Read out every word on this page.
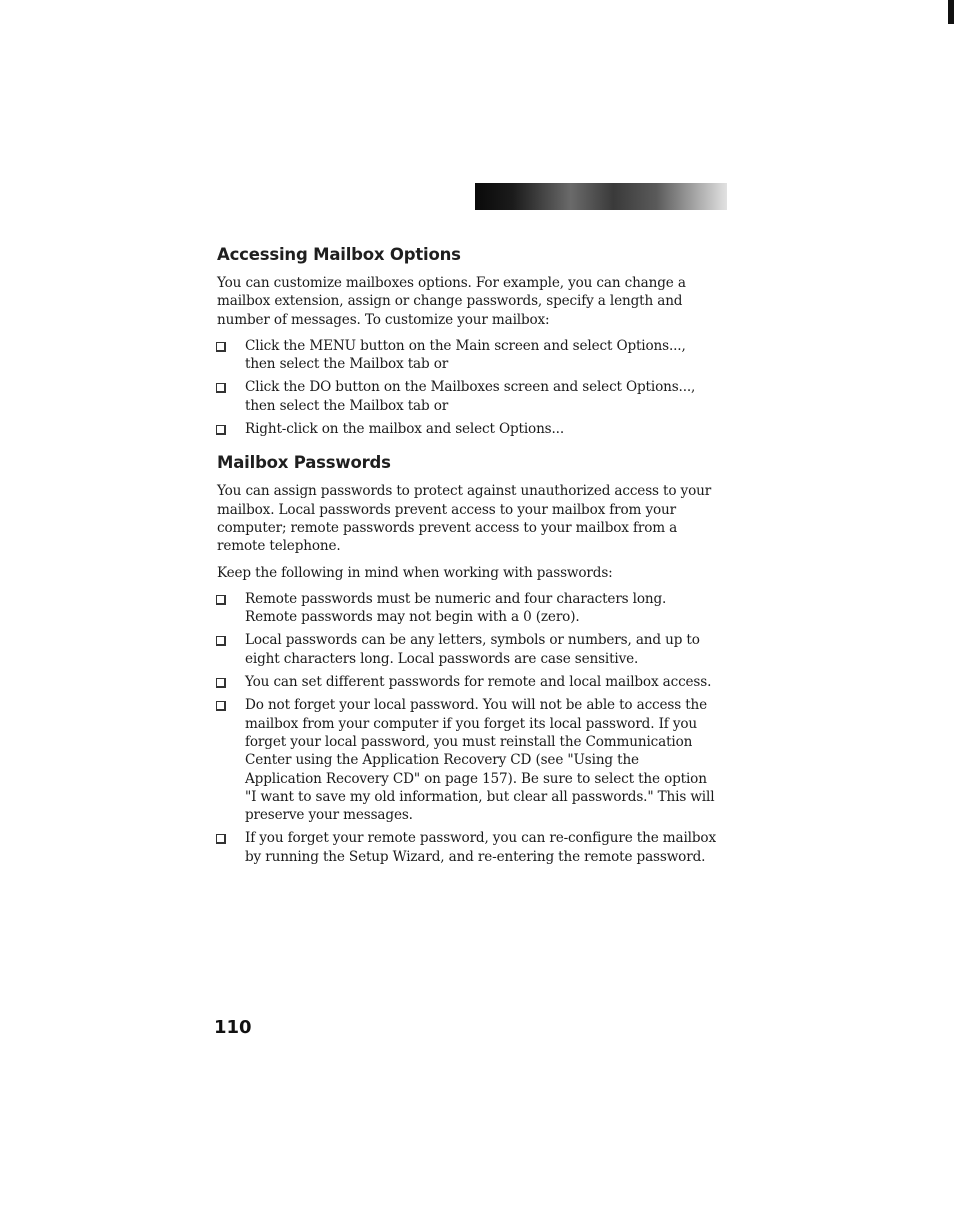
Accessing Mailbox Options

You can customize mailboxes options. For example, you can change a mailbox extension, assign or change passwords, specify a length and number of messages. To customize your mailbox:

Click the MENU button on the Main screen and select Options..., then select the Mailbox tab or
Click the DO button on the Mailboxes screen and select Options..., then select the Mailbox tab or
Right-click on the mailbox and select Options...
Mailbox Passwords

You can assign passwords to protect against unauthorized access to your mailbox. Local passwords prevent access to your mailbox from your computer; remote passwords prevent access to your mailbox from a remote telephone.

Keep the following in mind when working with passwords:

Remote passwords must be numeric and four characters long. Remote passwords may not begin with a 0 (zero).
Local passwords can be any letters, symbols or numbers, and up to eight characters long. Local passwords are case sensitive.
You can set different passwords for remote and local mailbox access.
Do not forget your local password. You will not be able to access the mailbox from your computer if you forget its local password. If you forget your local password, you must reinstall the Communication Center using the Application Recovery CD (see "Using the Application Recovery CD" on page 157). Be sure to select the option "I want to save my old information, but clear all passwords." This will preserve your messages.
If you forget your remote password, you can re-configure the mailbox by running the Setup Wizard, and re-entering the remote password.
110
